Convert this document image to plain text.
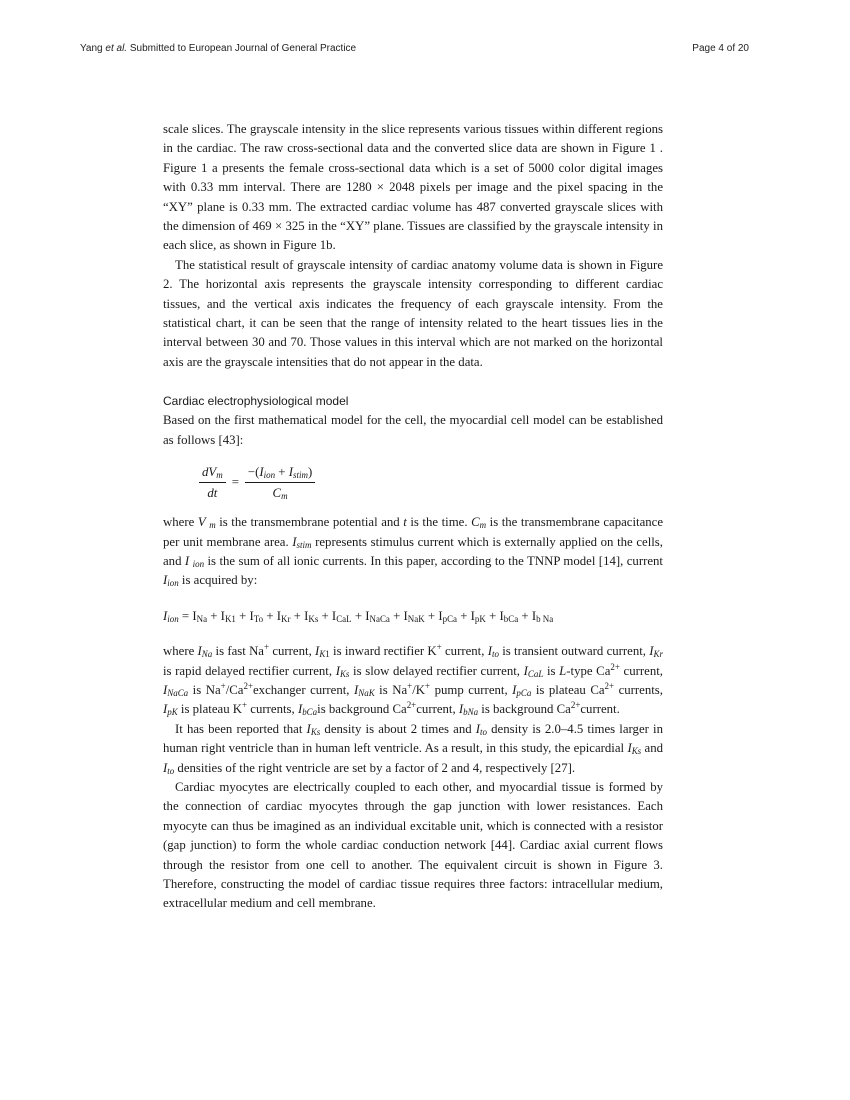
Yang et al. Submitted to European Journal of General Practice	Page 4 of 20

scale slices. The grayscale intensity in the slice represents various tissues within different regions in the cardiac. The raw cross-sectional data and the converted slice data are shown in Figure 1 . Figure 1 a presents the female cross-sectional data which is a set of 5000 color digital images with 0.33 mm interval. There are 1280 × 2048 pixels per image and the pixel spacing in the “XY” plane is 0.33 mm. The extracted cardiac volume has 487 converted grayscale slices with the dimension of 469 × 325 in the “XY” plane. Tissues are classified by the grayscale intensity in each slice, as shown in Figure 1b.

The statistical result of grayscale intensity of cardiac anatomy volume data is shown in Figure 2. The horizontal axis represents the grayscale intensity corresponding to different cardiac tissues, and the vertical axis indicates the frequency of each grayscale intensity. From the statistical chart, it can be seen that the range of intensity related to the heart tissues lies in the interval between 30 and 70. Those values in this interval which are not marked on the horizontal axis are the grayscale intensities that do not appear in the data.

Cardiac electrophysiological model

Based on the first mathematical model for the cell, the myocardial cell model can be established as follows [43]:

$\frac{dV_m}{dt} = \frac{-(I_{ion} + I_{stim})}{C_m}$

where V $_m$ is the transmembrane potential and t is the time. $C_m$ is the transmembrane capacitance per unit membrane area. $I_{stim}$ represents stimulus current which is externally applied on the cells, and I $_{ion}$ is the sum of all ionic currents. In this paper, according to the TNNP model [14], current $I_{ion}$ is acquired by:

$I_{ion} = I_{Na} + I_{K1} + I_{To} + I_{Kr} + I_{Ks} + I_{CaL} + I_{NaCa} + I_{NaK} + I_{pCa} + I_{pK} + I_{bCa} + I_{b Na}$

where $I_{Na}$ is fast Na+ current, $I_{K1}$ is inward rectifier K+ current, $I_{to}$ is transient outward current, $I_{Kr}$ is rapid delayed rectifier current, $I_{Ks}$ is slow delayed rectifier current, $I_{CaL}$ is L-type $Ca^{2+}$ current, $I_{NaCa}$ is $Na^+/Ca^{2+}exchanger$ current, $I_{NaK}$ is Na+/K+ pump current, $I_{pCa}$ is plateau $Ca^{2+}$ currents, $I_{pK}$ is plateau K+ currents, $I_{bCa}is$ background $Ca^{2+}current$, $I_{bNa}$ is background $Ca^{2+}current$.

It has been reported that $I_{Ks}$ density is about 2 times and $I_{to}$ density is 2.0–4.5 times larger in human right ventricle than in human left ventricle. As a result, in this study, the epicardial $I_{Ks}$ and $I_{to}$ densities of the right ventricle are set by a factor of 2 and 4, respectively [27].

Cardiac myocytes are electrically coupled to each other, and myocardial tissue is formed by the connection of cardiac myocytes through the gap junction with lower resistances. Each myocyte can thus be imagined as an individual excitable unit, which is connected with a resistor (gap junction) to form the whole cardiac conduction network [44]. Cardiac axial current flows through the resistor from one cell to another. The equivalent circuit is shown in Figure 3. Therefore, constructing the model of cardiac tissue requires three factors: intracellular medium, extracellular medium and cell membrane.
